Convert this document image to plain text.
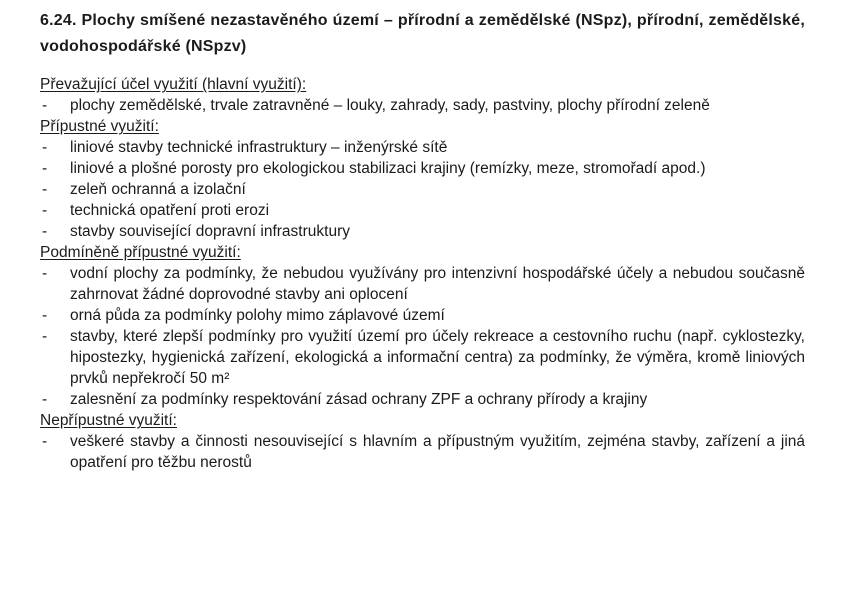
6.24. Plochy smíšené nezastavěného území – přírodní a zemědělské (NSpz), přírodní, zemědělské, vodohospodářské (NSpzv)
Převažující účel využití (hlavní využití):
- plochy zemědělské, trvale zatravněné – louky, zahrady, sady, pastviny, plochy přírodní zeleně
Přípustné využití:
- liniové stavby technické infrastruktury – inženýrské sítě
- liniové a plošné porosty pro ekologickou stabilizaci krajiny (remízky, meze, stromořadí apod.)
- zeleň ochranná a izolační
- technická opatření proti erozi
- stavby související dopravní infrastruktury
Podmíněně přípustné využití:
- vodní plochy za podmínky, že nebudou využívány pro intenzivní hospodářské účely a nebudou současně zahrnovat žádné doprovodné stavby ani oplocení
- orná půda za podmínky polohy mimo záplavové území
- stavby, které zlepší podmínky pro využití území pro účely rekreace a cestovního ruchu (např. cyklostezky, hipostezky, hygienická zařízení, ekologická a informační centra) za podmínky, že výměra, kromě liniových prvků nepřekročí 50 m²
- zalesnění za podmínky respektování zásad ochrany ZPF a ochrany přírody a krajiny
Nepřípustné využití:
- veškeré stavby a činnosti nesouvisející s hlavním a přípustným využitím, zejména stavby, zařízení a jiná opatření pro těžbu nerostů
